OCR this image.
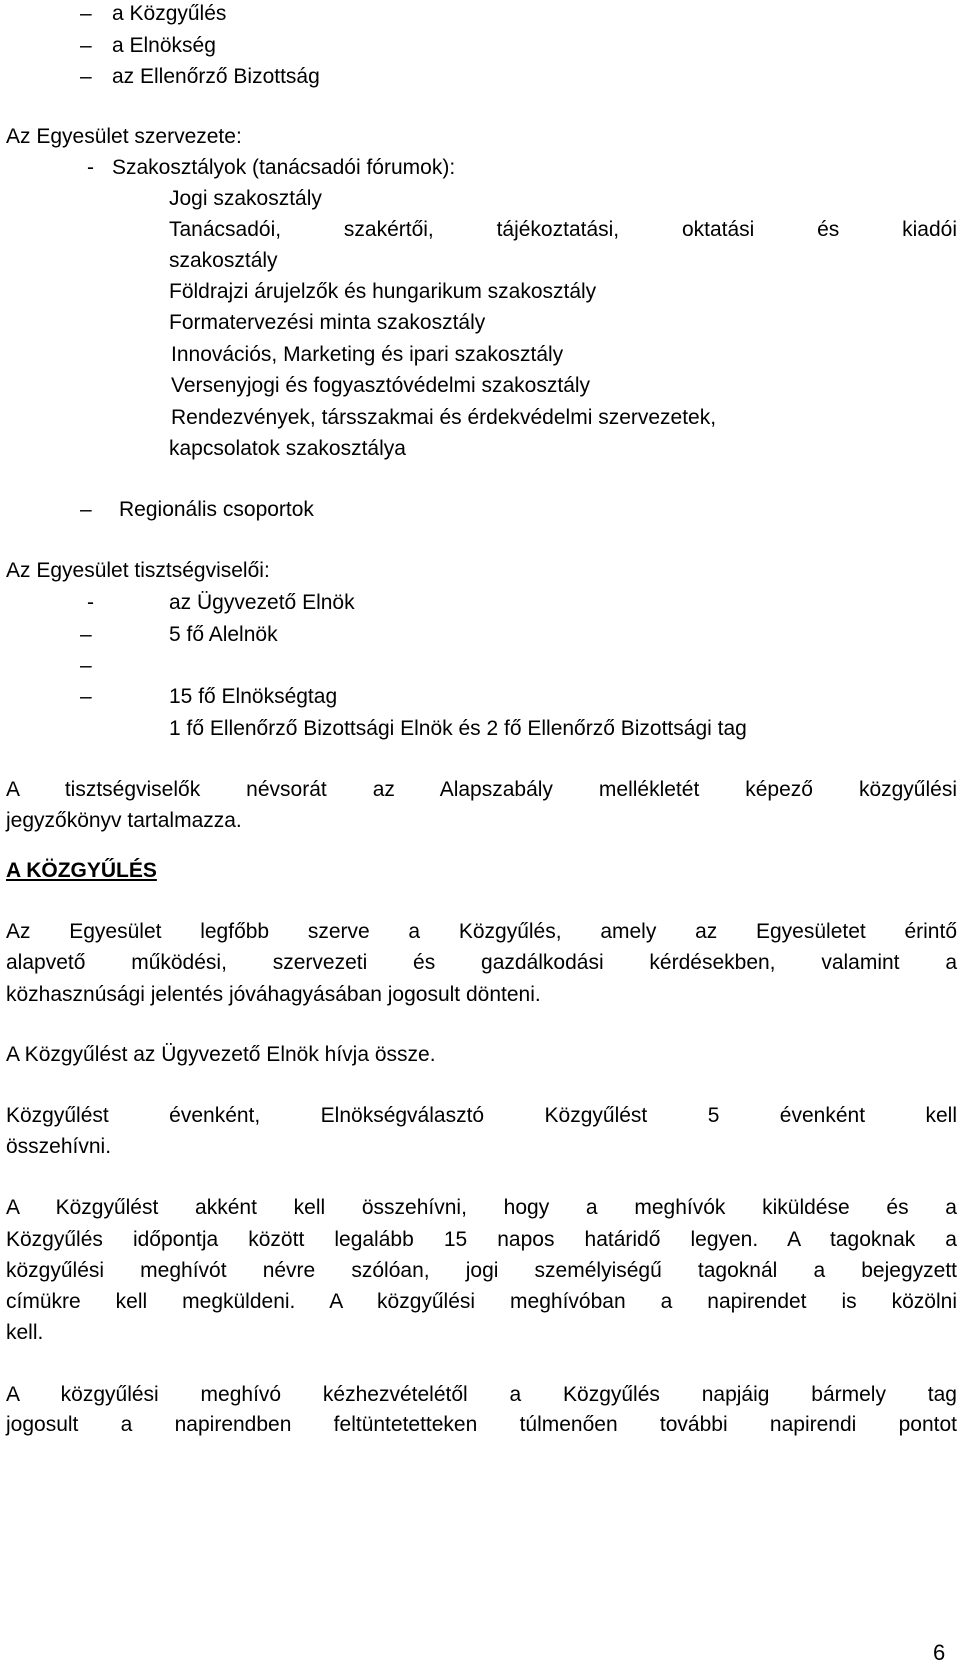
– a Közgyűlés
– a Elnökség
– az Ellenőrző Bizottság
Az Egyesület szervezete:
- Szakosztályok (tanácsadói fórumok):
Jogi szakosztály
Tanácsadói, szakértői, tájékoztatási, oktatási és kiadói
szakosztály
Földrajzi árujelzők és hungarikum szakosztály
Formatervezési minta szakosztály
Innovációs, Marketing és ipari szakosztály
Versenyjogi és fogyasztóvédelmi szakosztály
Rendezvények, társszakmai és érdekvédelmi szervezetek,
kapcsolatok szakosztálya
– Regionális csoportok
Az Egyesület tisztségviselői:
-	az Ügyvezető Elnök
–	5 fő Alelnök
–
–	15 fő Elnökségtag
1 fő Ellenőrző Bizottsági Elnök és 2 fő Ellenőrző Bizottsági tag
A tisztségviselők névsorát az Alapszabály mellékletét képező közgyűlési
jegyzőkönyv tartalmazza.
A KÖZGYŰLÉS
Az Egyesület legfőbb szerve a Közgyűlés, amely az Egyesületet érintő
alapvető működési, szervezeti és gazdálkodási kérdésekben, valamint a
közhasznúsági jelentés jóváhagyásában jogosult dönteni.
A Közgyűlést az Ügyvezető Elnök hívja össze.
Közgyűlést évenként, Elnökségválasztó Közgyűlést 5 évenként kell
összehívni.
A Közgyűlést akként kell összehívni, hogy a meghívók kiküldése és a
Közgyűlés időpontja között legalább 15 napos határidő legyen. A tagoknak a
közgyűlési meghívót névre szólóan, jogi személyiségű tagoknál a bejegyzett
címükre kell megküldeni. A közgyűlési meghívóban a napirendet is közölni
kell.
A közgyűlési meghívó kézhezvételétől a Közgyűlés napjáig bármely tag
jogosult a napirendben feltüntetetteken túlmenően további napirendi pontot
6
